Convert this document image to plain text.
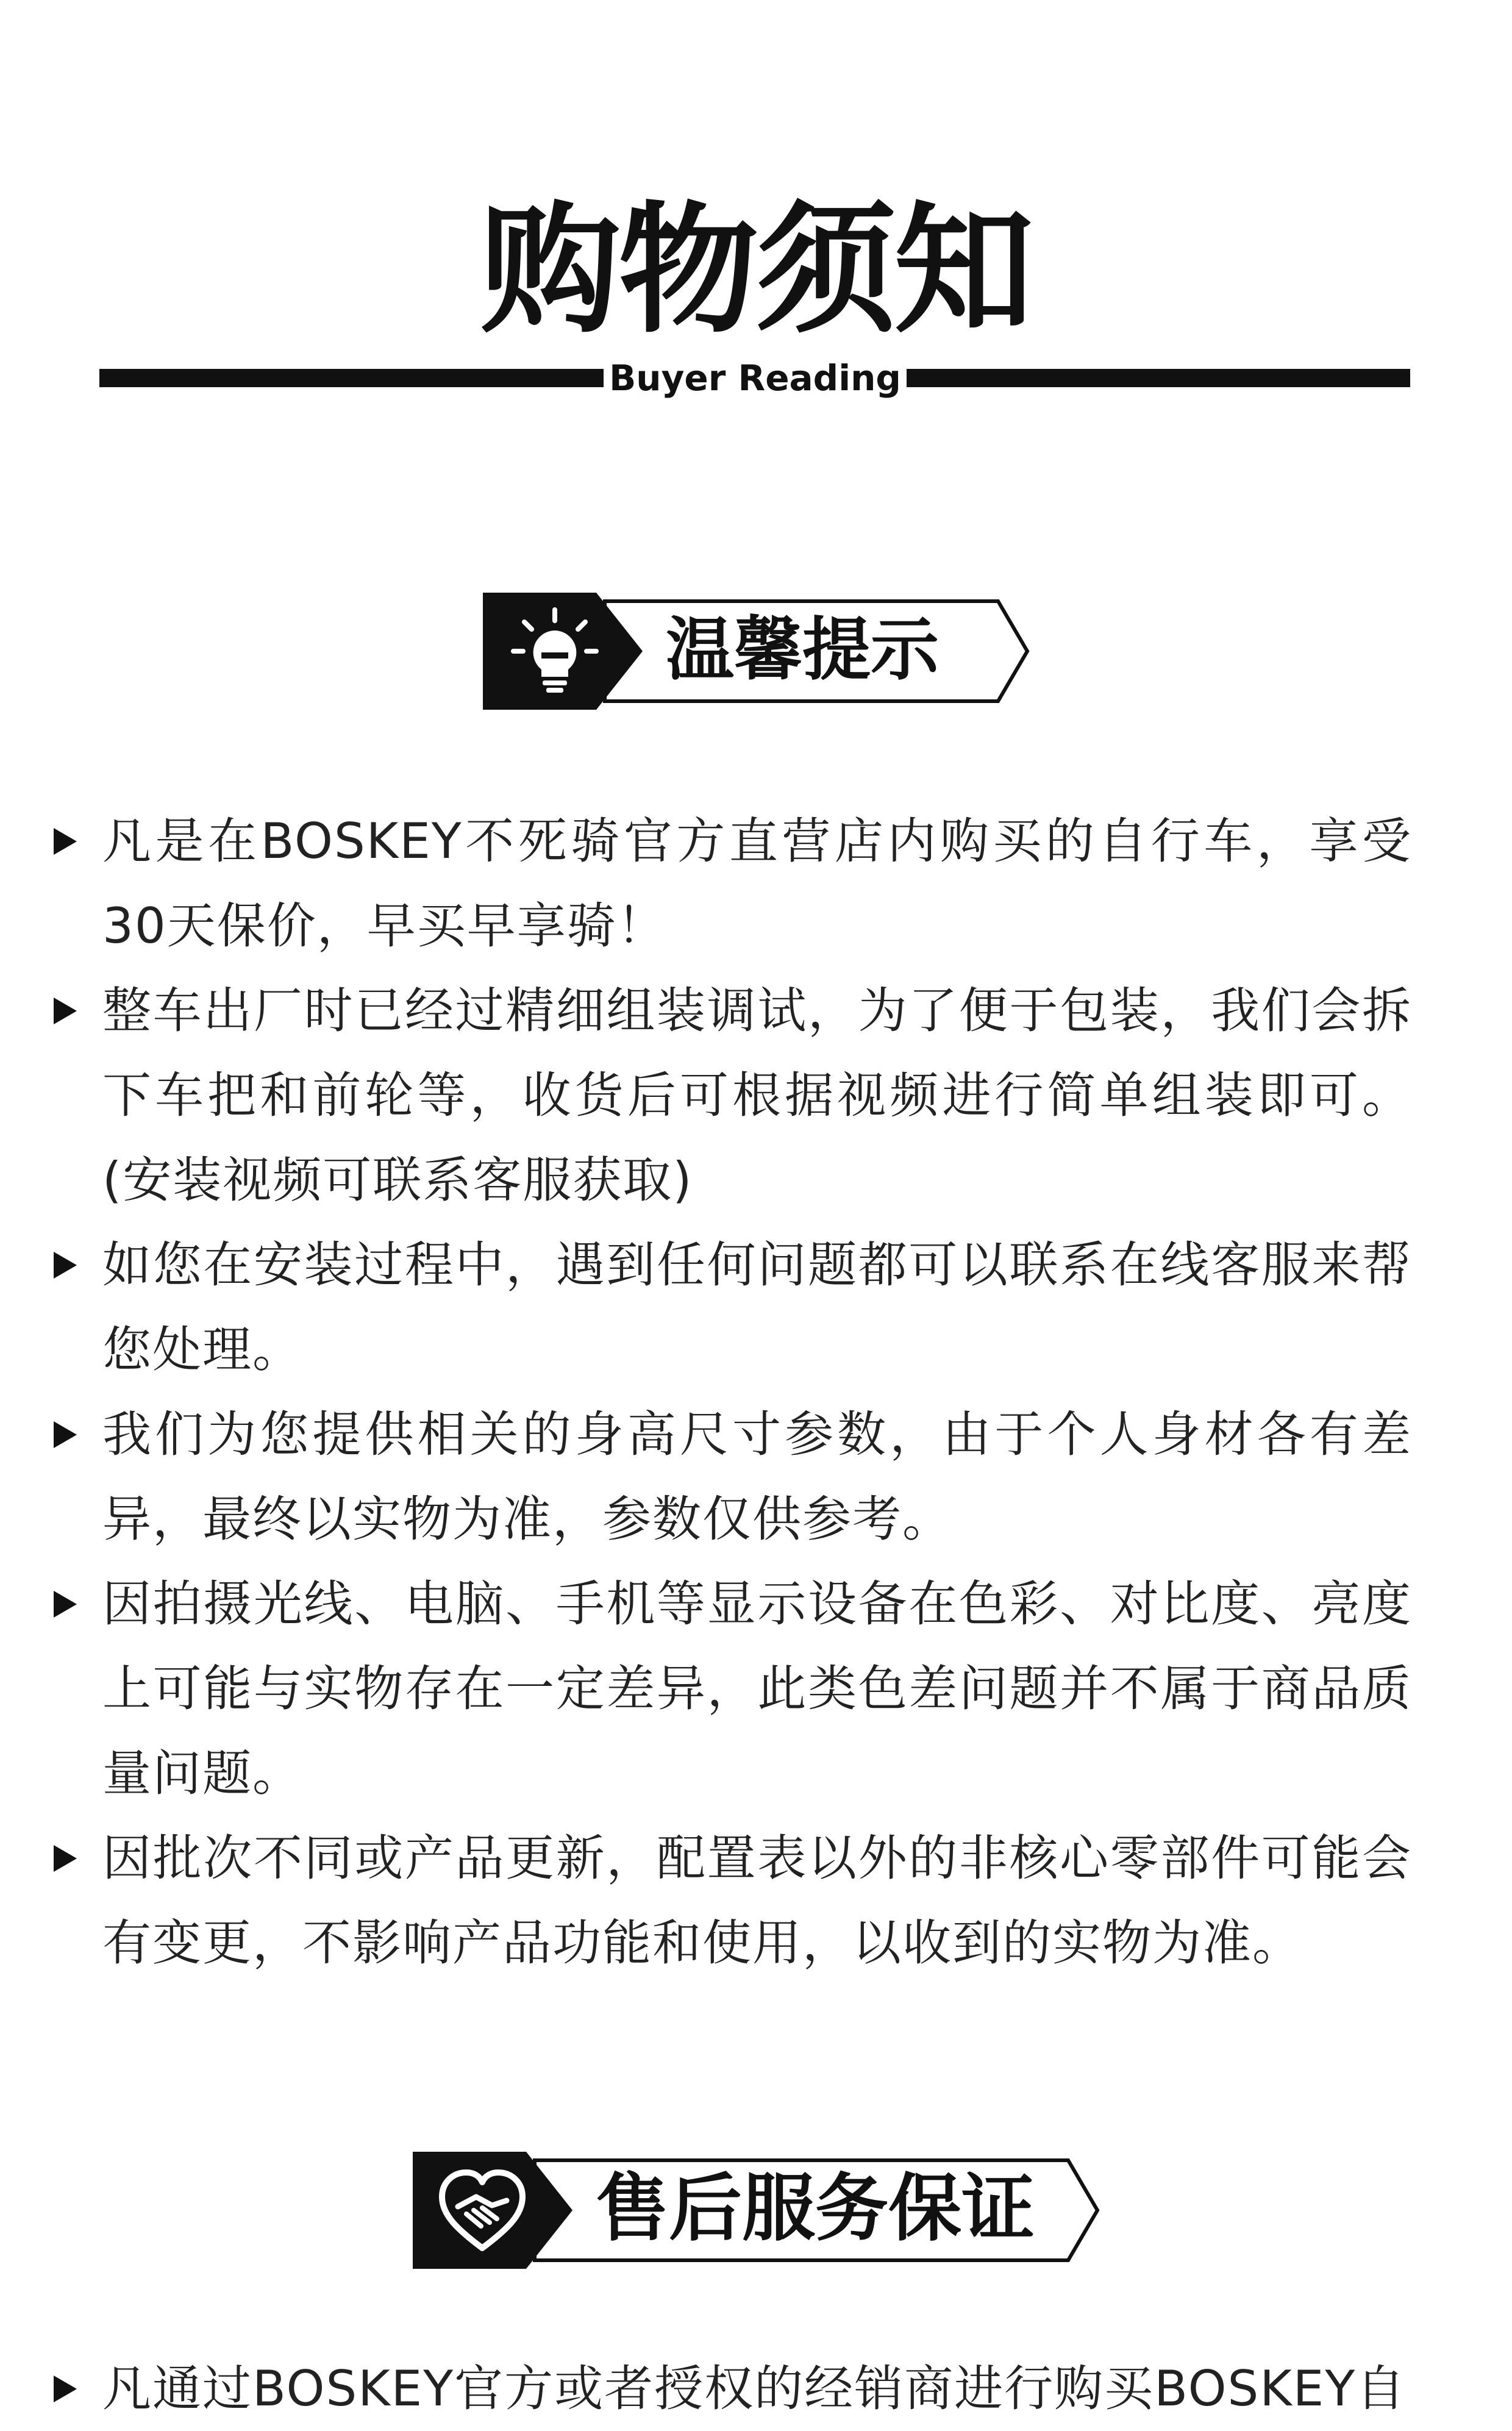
购物须知
Buyer Reading
温馨提示
凡是在BOSKEY不死骑官方直营店内购买的自行车，享受30天保价，早买早享骑！
整车出厂时已经过精细组装调试，为了便于包装，我们会拆下车把和前轮等，收货后可根据视频进行简单组装即可。(安装视频可联系客服获取)
如您在安装过程中，遇到任何问题都可以联系在线客服来帮您处理。
我们为您提供相关的身高尺寸参数，由于个人身材各有差异，最终以实物为准，参数仅供参考。
因拍摄光线、电脑、手机等显示设备在色彩、对比度、亮度上可能与实物存在一定差异，此类色差问题并不属于商品质量问题。
因批次不同或产品更新，配置表以外的非核心零部件可能会有变更，不影响产品功能和使用，以收到的实物为准。
售后服务保证
凡通过BOSKEY官方或者授权的经销商进行购买BOSKEY自
